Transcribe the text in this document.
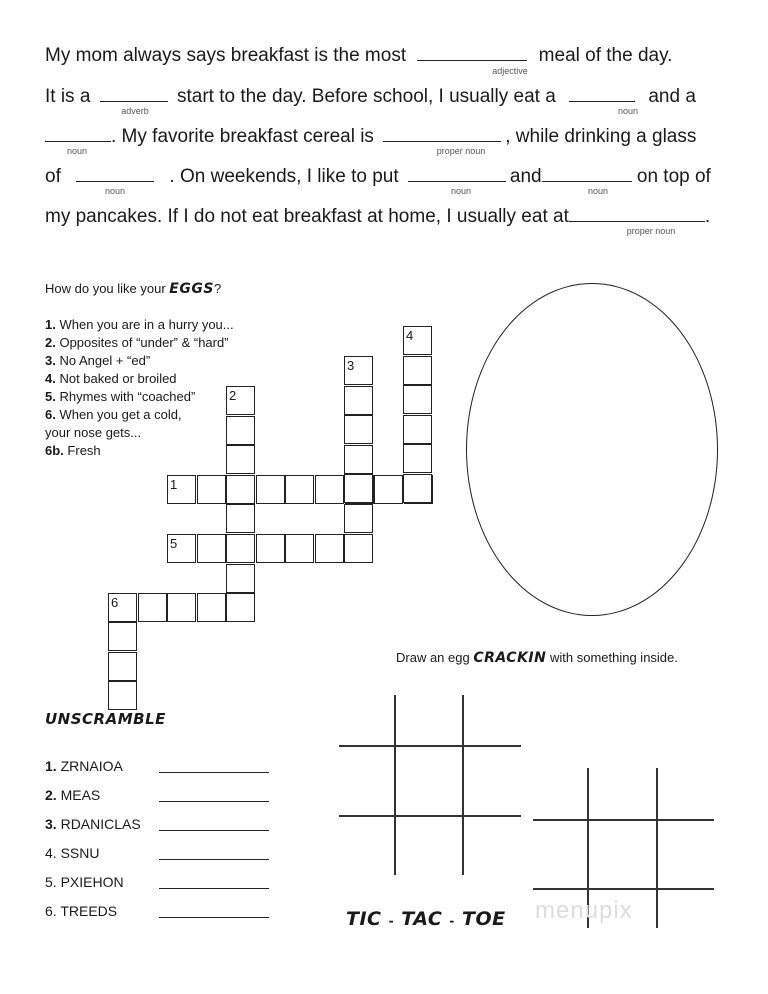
My mom always says breakfast is the most	meal of the day.
adjective
It is a	start to the day. Before school, I usually eat a	and a
adverb	noun
. My favorite breakfast cereal is	, while drinking a glass
noun	proper noun
of	. On weekends, I like to put	and	on top of
noun	noun	noun
my pancakes. If I do not eat breakfast at home, I usually eat at	.
proper noun
How do you like your EGGS?
1. When you are in a hurry you...
2. Opposites of “under” & “hard”
3. No Angel + “ed”
4. Not baked or broiled
5. Rhymes with “coached”
6. When you get a cold,
your nose gets...
6b. Fresh
1
2
3
4
5
6
Draw an egg CRACKIN with something inside.
UNSCRAMBLE
1. ZRNAIOA
2. MEAS
3. RDANICLAS
4. SSNU
5. PXIEHON
6. TREEDS	TIC - TAC - TOE menupix
